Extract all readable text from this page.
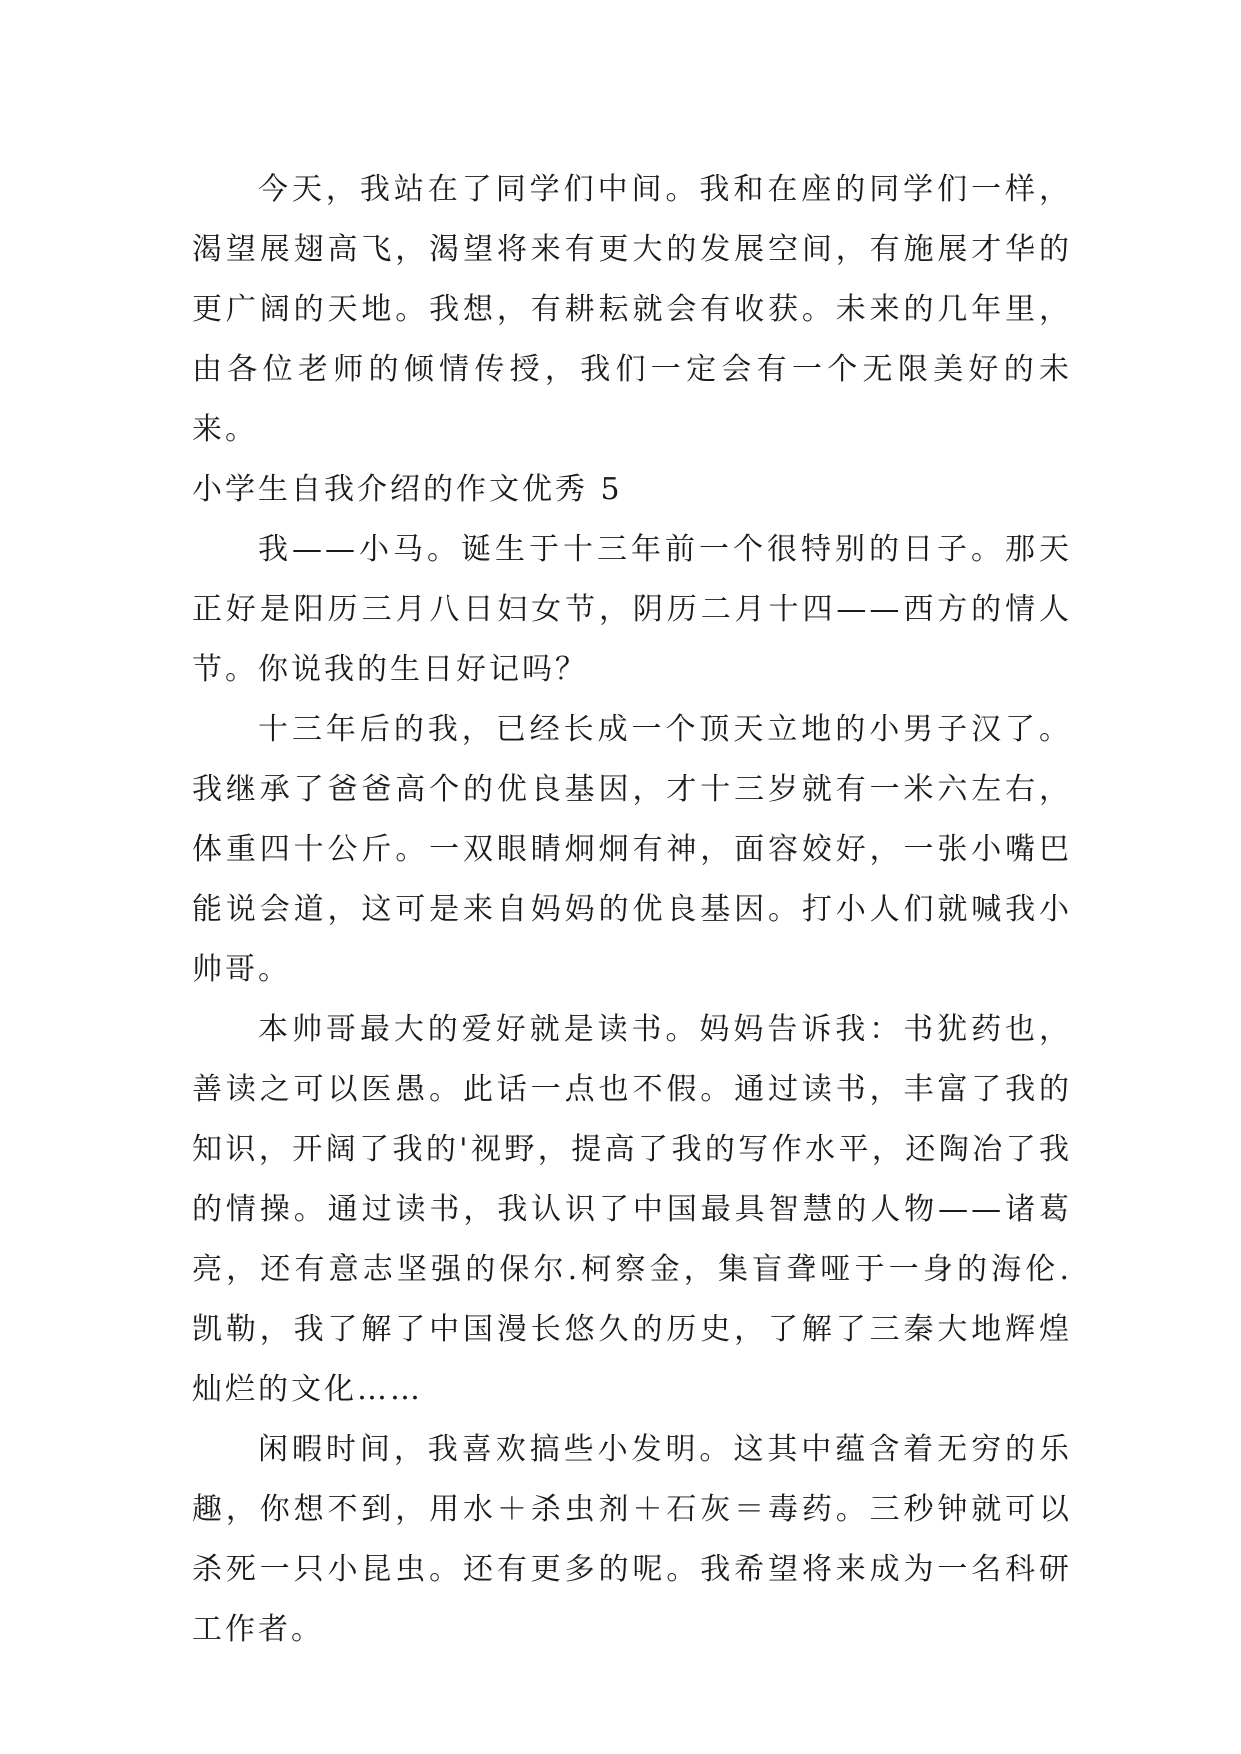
今天，我站在了同学们中间。我和在座的同学们一样，渴望展翅高飞，渴望将来有更大的发展空间，有施展才华的更广阔的天地。我想，有耕耘就会有收获。未来的几年里，由各位老师的倾情传授，我们一定会有一个无限美好的未来。

小学生自我介绍的作文优秀 5

我——小马。诞生于十三年前一个很特别的日子。那天正好是阳历三月八日妇女节，阴历二月十四——西方的情人节。你说我的生日好记吗？

十三年后的我，已经长成一个顶天立地的小男子汉了。我继承了爸爸高个的优良基因，才十三岁就有一米六左右，体重四十公斤。一双眼睛炯炯有神，面容姣好，一张小嘴巴能说会道，这可是来自妈妈的优良基因。打小人们就喊我小帅哥。

本帅哥最大的爱好就是读书。妈妈告诉我：书犹药也，善读之可以医愚。此话一点也不假。通过读书，丰富了我的知识，开阔了我的'视野，提高了我的写作水平，还陶冶了我的情操。通过读书，我认识了中国最具智慧的人物——诸葛亮，还有意志坚强的保尔.柯察金，集盲聋哑于一身的海伦.凯勒，我了解了中国漫长悠久的历史，了解了三秦大地辉煌灿烂的文化……

闲暇时间，我喜欢搞些小发明。这其中蕴含着无穷的乐趣，你想不到，用水＋杀虫剂＋石灰＝毒药。三秒钟就可以杀死一只小昆虫。还有更多的呢。我希望将来成为一名科研工作者。
